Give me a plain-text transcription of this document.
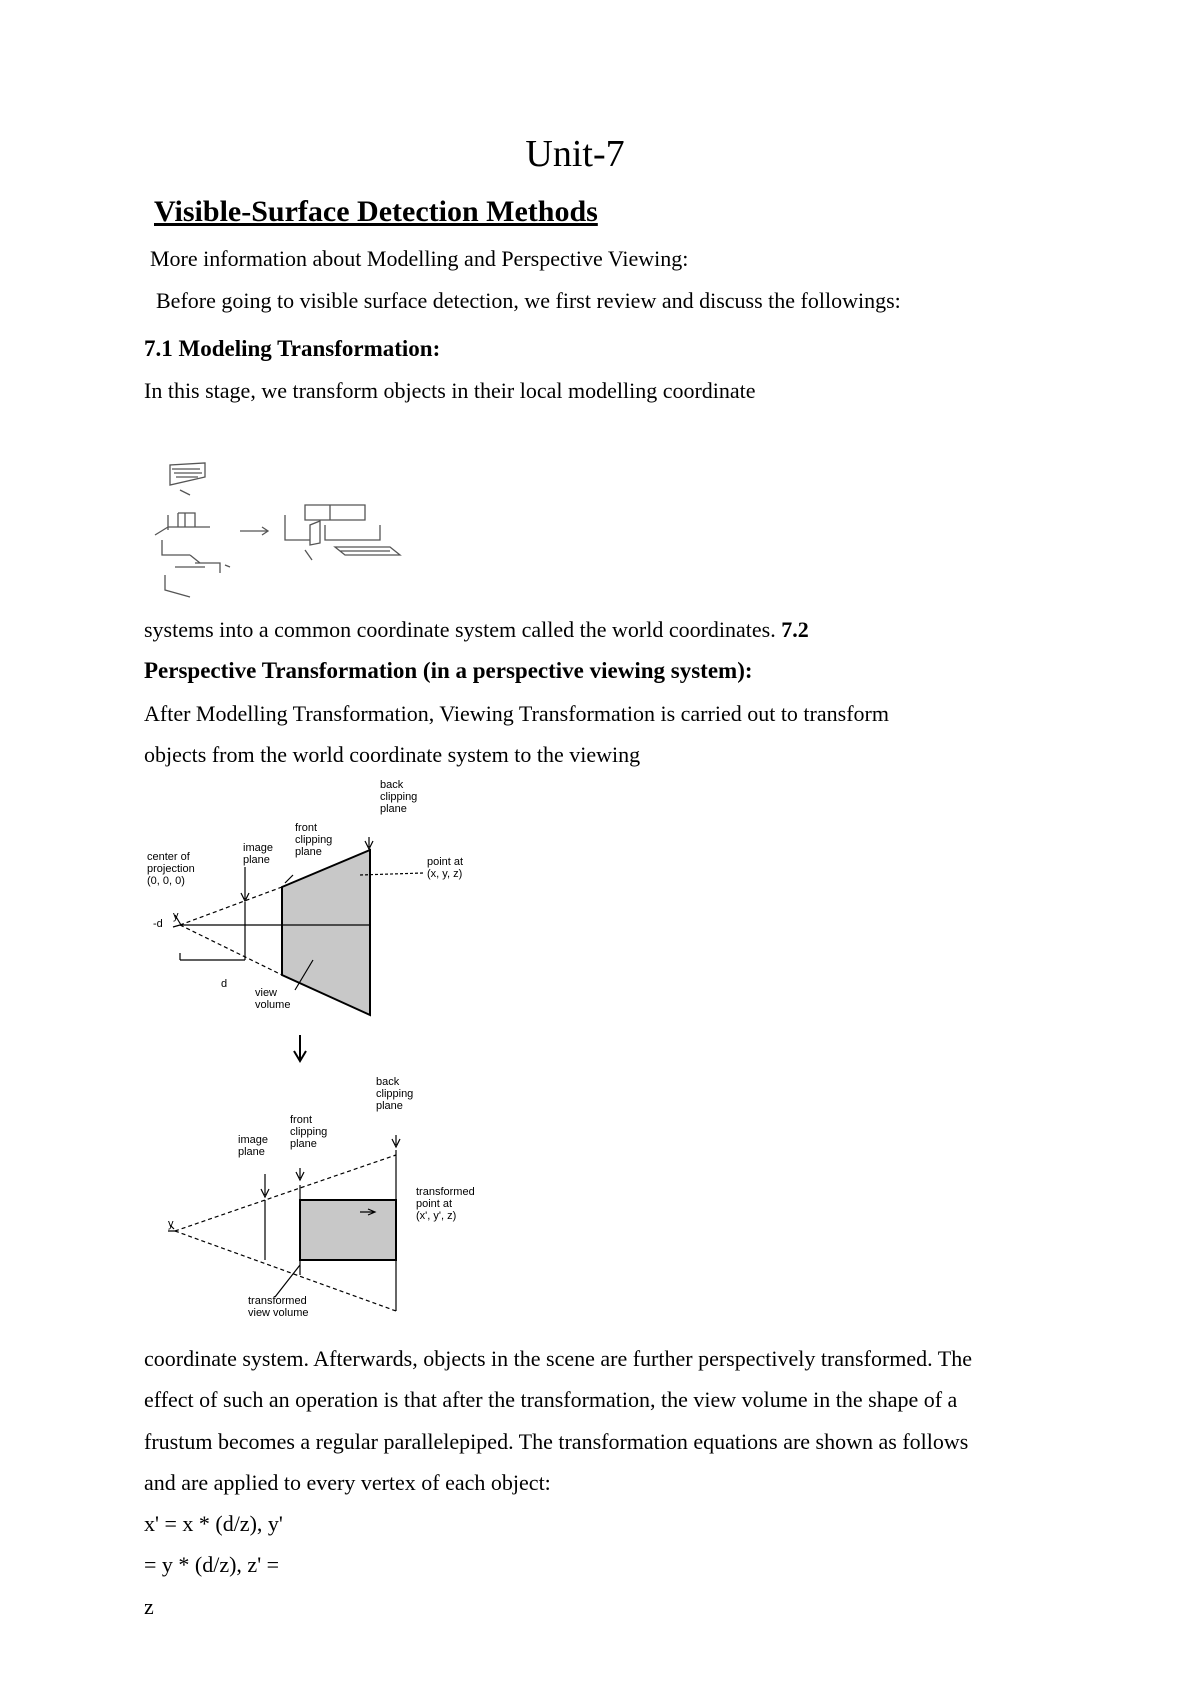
Unit-7
Visible-Surface Detection Methods
More information about Modelling and Perspective Viewing:
Before going to visible surface detection, we first review and discuss the followings:
7.1 Modeling Transformation:
In this stage, we transform objects in their local modelling coordinate
systems into a common coordinate system called the world coordinates. 7.2
Perspective Transformation (in a perspective viewing system):
After Modelling Transformation, Viewing Transformation is carried out to transform
objects from the world coordinate system to the viewing
back clipping plane
front clipping plane
image plane
center of projection (0, 0, 0)
point at (x, y, z)
view volume
d
-d
y
back clipping plane
front clipping plane
image plane
transformed point at (x', y', z)
transformed view volume
y
coordinate system. Afterwards, objects in the scene are further perspectively transformed. The
effect of such an operation is that after the transformation, the view volume in the shape of a
frustum becomes a regular parallelepiped. The transformation equations are shown as follows
and are applied to every vertex of each object:
x' = x * (d/z), y'
= y * (d/z), z' =
z
